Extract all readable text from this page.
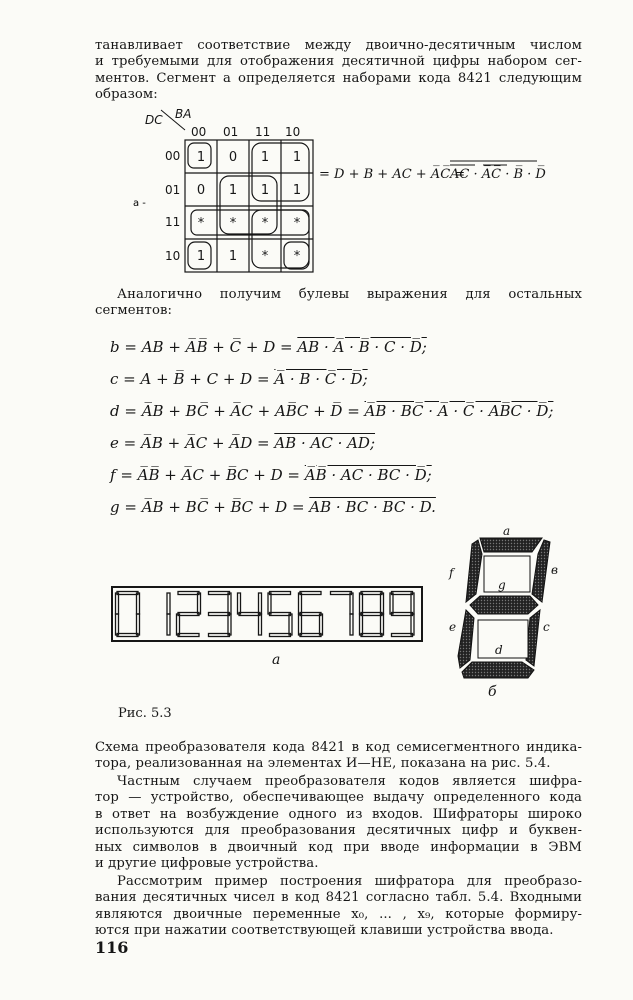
танавливает соответствие между двоично-десятичным числом
и требуемыми для отображения десятичной цифры набором сег-
ментов. Сегмент а определяется наборами кода 8421 следующим
образом:
DC BA
00 01 11 10
00
01
11
10
1 0 1 1
0 1 1 1
* * * *
1 1 * *
а -
= D + B + AC + A̅C̅ =
AC · A̅C̅ · B̅ · D̅
Аналогично получим булевы выражения для остальных
сегментов:
b = AB + A̅B̅ + C̅ + D = AB · A̅ · B̅ · C · D̅;
c = A + B̅ + C + D = A̅ · B · C̅ · D̅;
d = A̅B + BC̅ + A̅C + AB̅C + D̅ = A̅B · BC̅ · A̅ · C̅ · AB̅C · D̅;
e = A̅B + A̅C + A̅D = AB · AC · AD;
f = A̅B̅ + A̅C + B̅C + D = A̅B̅ · AC · BC · D̅;
g = A̅B + BC̅ + B̅C + D = AB · BC · BC · D.
а
a
в
f
g
c
e
d
б
Рис. 5.3
Схема преобразователя кода 8421 в код семисегментного индика-
тора, реализованная на элементах И—НЕ, показана на рис. 5.4.
Частным случаем преобразователя кодов является шифра-
тор — устройство, обеспечивающее выдачу определенного кода
в ответ на возбуждение одного из входов. Шифраторы широко
используются для преобразования десятичных цифр и буквен-
ных символов в двоичный код при вводе информации в ЭВМ
и другие цифровые устройства.
Рассмотрим пример построения шифратора для преобразо-
вания десятичных чисел в код 8421 согласно табл. 5.4. Входными
являются двоичные переменные x₀, ... , x₉, которые формиру-
ются при нажатии соответствующей клавиши устройства ввода.
116
